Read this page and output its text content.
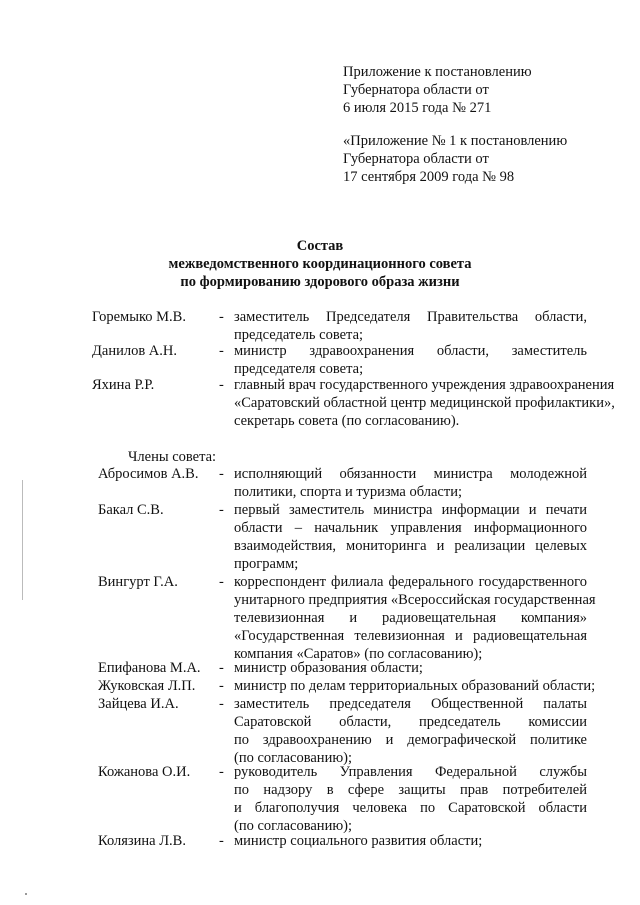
Приложение к постановлению
Губернатора области от
6 июля 2015 года № 271
«Приложение № 1 к постановлению
Губернатора области от
17 сентября 2009 года № 98
Состав
межведомственного координационного совета
по формированию здорового образа жизни
Горемыко М.В. - заместитель Председателя Правительства области,
председатель совета;
Данилов А.Н.	- министр здравоохранения области, заместитель
председателя совета;
Яхина Р.Р.	- главный врач государственного учреждения здравоохранения
«Саратовский областной центр медицинской профилактики»,
секретарь совета (по согласованию).
Члены совета:
Абросимов А.В. - исполняющий обязанности министра молодежной
политики, спорта и туризма области;
Бакал С.В.	- первый заместитель министра информации и печати
области – начальник управления информационного
взаимодействия, мониторинга и реализации целевых
программ;
Вингурт Г.А.	- корреспондент филиала федерального государственного
унитарного предприятия «Всероссийская государственная
телевизионная и радиовещательная компания»
«Государственная телевизионная и радиовещательная
компания «Саратов» (по согласованию);
Епифанова М.А. - министр образования области;
Жуковская Л.П. - министр по делам территориальных образований области;
Зайцева И.А.	- заместитель председателя Общественной палаты
Саратовской области, председатель комиссии
по здравоохранению и демографической политике
(по согласованию);
Кожанова О.И. - руководитель Управления Федеральной службы
по надзору в сфере защиты прав потребителей
и благополучия человека по Саратовской области
(по согласованию);
Колязина Л.В. - министр социального развития области;
